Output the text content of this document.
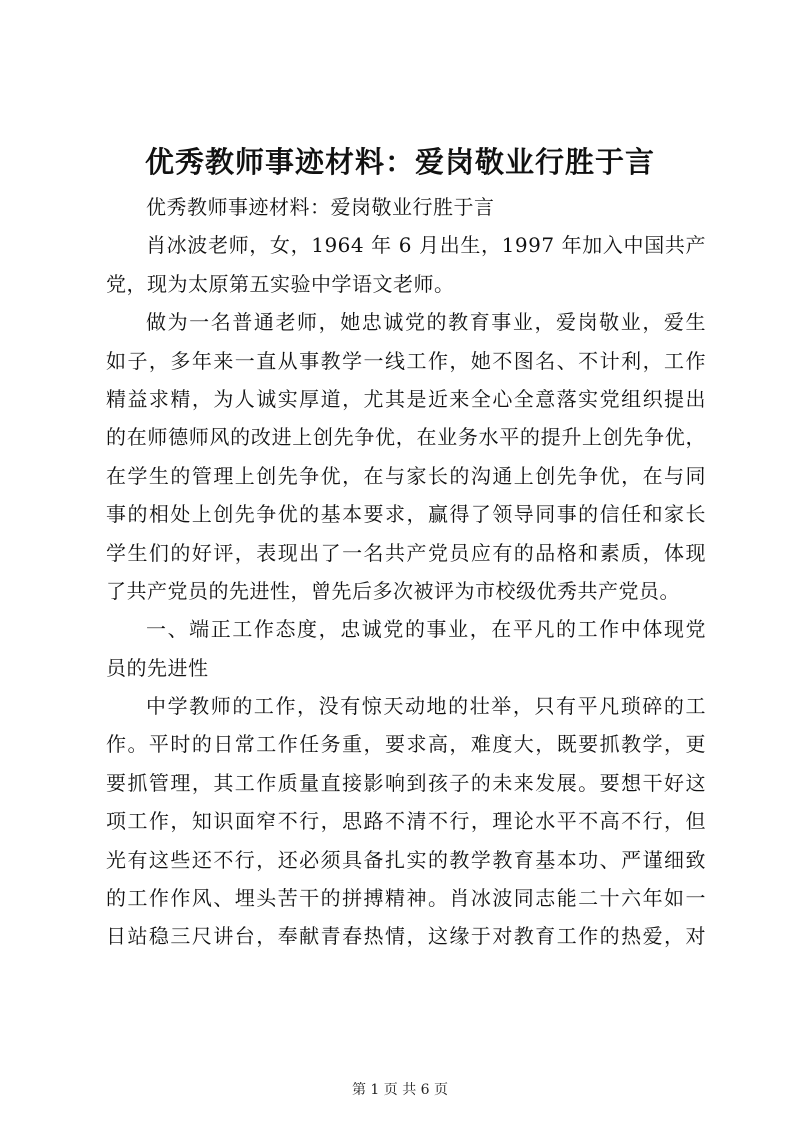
优秀教师事迹材料：爱岗敬业行胜于言
优秀教师事迹材料：爱岗敬业行胜于言
肖冰波老师，女，1964 年 6 月出生，1997 年加入中国共产
党，现为太原第五实验中学语文老师。
做为一名普通老师，她忠诚党的教育事业，爱岗敬业，爱生
如子，多年来一直从事教学一线工作，她不图名、不计利，工作
精益求精，为人诚实厚道，尤其是近来全心全意落实党组织提出
的在师德师风的改进上创先争优，在业务水平的提升上创先争优，
在学生的管理上创先争优，在与家长的沟通上创先争优，在与同
事的相处上创先争优的基本要求，赢得了领导同事的信任和家长
学生们的好评，表现出了一名共产党员应有的品格和素质，体现
了共产党员的先进性，曾先后多次被评为市校级优秀共产党员。
一、端正工作态度，忠诚党的事业，在平凡的工作中体现党
员的先进性
中学教师的工作，没有惊天动地的壮举，只有平凡琐碎的工
作。平时的日常工作任务重，要求高，难度大，既要抓教学，更
要抓管理，其工作质量直接影响到孩子的未来发展。要想干好这
项工作，知识面窄不行，思路不清不行，理论水平不高不行，但
光有这些还不行，还必须具备扎实的教学教育基本功、严谨细致
的工作作风、埋头苦干的拼搏精神。肖冰波同志能二十六年如一
日站稳三尺讲台，奉献青春热情，这缘于对教育工作的热爱，对
第 1 页 共 6 页
